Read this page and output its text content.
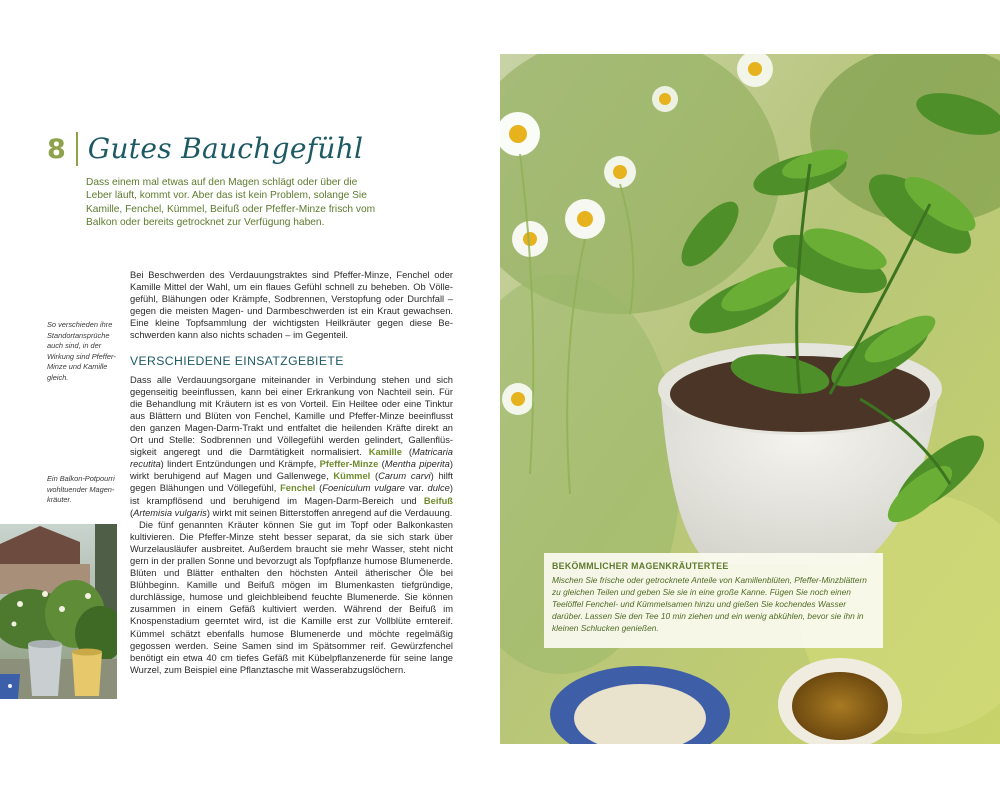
8 Gutes Bauchgefühl

Dass einem mal etwas auf den Magen schlägt oder über die Leber läuft, kommt vor. Aber das ist kein Problem, solange Sie Kamille, Fenchel, Kümmel, Beifuß oder Pfeffer-Minze frisch vom Balkon oder bereits getrocknet zur Verfügung haben.

So verschieden ihre Standortansprüche auch sind, in der Wirkung sind Pfeffer-Minze und Kamille gleich.

Ein Balkon-Potpourri wohltuender Magenkräuter.

Bei Beschwerden des Verdauungstraktes sind Pfeffer-Minze, Fenchel oder Kamille Mittel der Wahl, um ein flaues Gefühl schnell zu beheben. Ob Völlegefühl, Blähungen oder Krämpfe, Sodbrennen, Verstopfung oder Durchfall – gegen die meisten Magen- und Darmbeschwerden ist ein Kraut gewachsen. Eine kleine Topfsammlung der wichtigsten Heilkräuter gegen diese Beschwerden kann also nichts schaden – im Gegenteil.

VERSCHIEDENE EINSATZGEBIETE

Dass alle Verdauungsorgane miteinander in Verbindung stehen und sich gegenseitig beeinflussen, kann bei einer Erkrankung von Nachteil sein. Für die Behandlung mit Kräutern ist es von Vorteil. Ein Heiltee oder eine Tinktur aus Blättern und Blüten von Fenchel, Kamille und Pfeffer-Minze beeinflusst den ganzen Magen-Darm-Trakt und entfaltet die heilenden Kräfte direkt an Ort und Stelle: Sodbrennen und Völlegefühl werden gelindert, Gallenflüssigkeit angeregt und die Darmtätigkeit normalisiert. Kamille (Matricaria recutita) lindert Entzündungen und Krämpfe, Pfeffer-Minze (Mentha piperita) wirkt beruhigend auf Magen und Gallenwege, Kümmel (Carum carvi) hilft gegen Blähungen und Völlegefühl, Fenchel (Foeniculum vulgare var. dulce) ist krampflösend und beruhigend im Magen-Darm-Bereich und Beifuß (Artemisia vulgaris) wirkt mit seinen Bitterstoffen anregend auf die Verdauung.

Die fünf genannten Kräuter können Sie gut im Topf oder Balkonkasten kultivieren. Die Pfeffer-Minze steht besser separat, da sie sich stark über Wurzelausläufer ausbreitet. Außerdem braucht sie mehr Wasser, steht nicht gern in der prallen Sonne und bevorzugt als Topfpflanze humose Blumenerde. Blüten und Blätter enthalten den höchsten Anteil ätherischer Öle bei Blühbeginn. Kamille und Beifuß mögen im Blumenkasten tiefgründige, durchlässige, humose und gleichbleibend feuchte Blumenerde. Sie können zusammen in einem Gefäß kultiviert werden. Während der Beifuß im Knospenstadium geerntet wird, ist die Kamille erst zur Vollblüte erntereif. Kümmel schätzt ebenfalls humose Blumenerde und möchte regelmäßig gegossen werden. Seine Samen sind im Spätsommer reif. Gewürzfenchel benötigt ein etwa 40 cm tiefes Gefäß mit Kübelpflanzenerde für seine lange Wurzel, zum Beispiel eine Pflanztasche mit Wasserabzugslöchern.

BEKÖMMLICHER MAGENKRÄUTERTEE

Mischen Sie frische oder getrocknete Anteile von Kamillenblüten, Pfeffer-Minzblättern zu gleichen Teilen und geben Sie sie in eine große Kanne. Fügen Sie noch einen Teelöffel Fenchel- und Kümmelsamen hinzu und gießen Sie kochendes Wasser darüber. Lassen Sie den Tee 10 min ziehen und ein wenig abkühlen, bevor sie ihn in kleinen Schlucken genießen.
